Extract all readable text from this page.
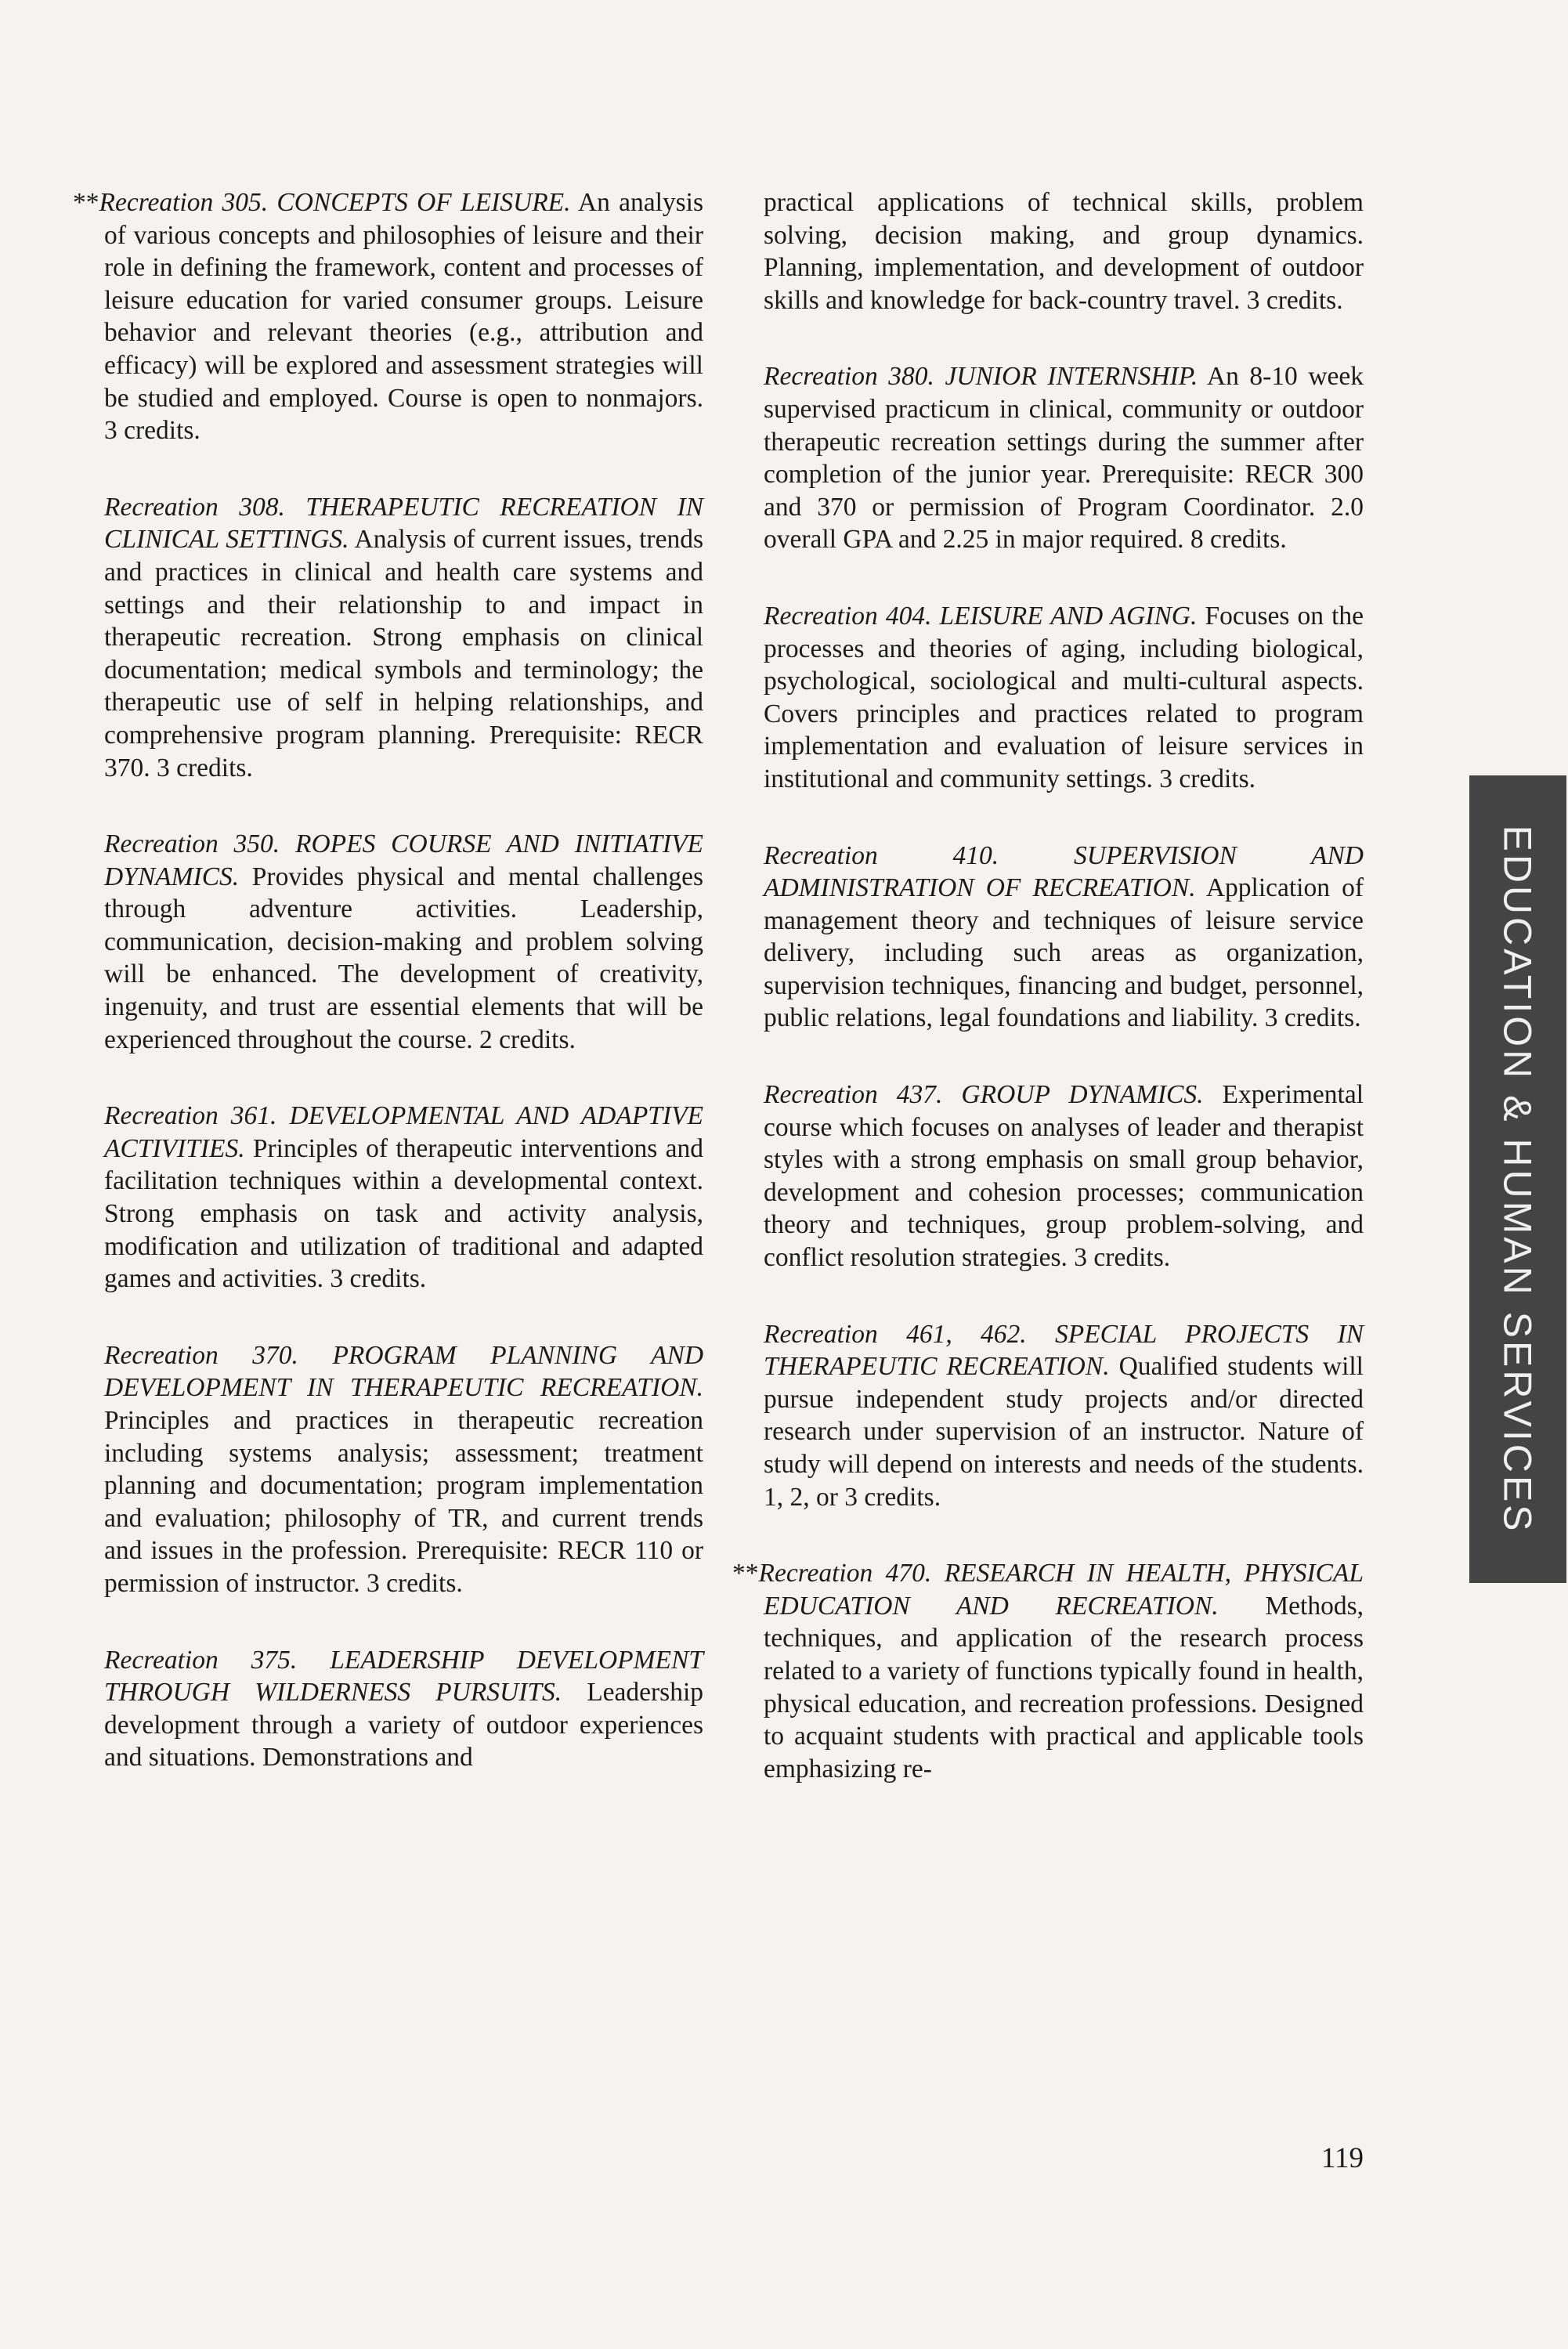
**Recreation 305. CONCEPTS OF LEISURE. An analysis of various concepts and philosophies of leisure and their role in defining the framework, content and processes of leisure education for varied consumer groups. Leisure behavior and relevant theories (e.g., attribution and efficacy) will be explored and assessment strategies will be studied and employed. Course is open to nonmajors. 3 credits.

Recreation 308. THERAPEUTIC RECREATION IN CLINICAL SETTINGS. Analysis of current issues, trends and practices in clinical and health care systems and settings and their relationship to and impact in therapeutic recreation. Strong emphasis on clinical documentation; medical symbols and terminology; the therapeutic use of self in helping relationships, and comprehensive program planning. Prerequisite: RECR 370. 3 credits.

Recreation 350. ROPES COURSE AND INITIATIVE DYNAMICS. Provides physical and mental challenges through adventure activities. Leadership, communication, decision-making and problem solving will be enhanced. The development of creativity, ingenuity, and trust are essential elements that will be experienced throughout the course. 2 credits.

Recreation 361. DEVELOPMENTAL AND ADAPTIVE ACTIVITIES. Principles of therapeutic interventions and facilitation techniques within a developmental context. Strong emphasis on task and activity analysis, modification and utilization of traditional and adapted games and activities. 3 credits.

Recreation 370. PROGRAM PLANNING AND DEVELOPMENT IN THERAPEUTIC RECREATION. Principles and practices in therapeutic recreation including systems analysis; assessment; treatment planning and documentation; program implementation and evaluation; philosophy of TR, and current trends and issues in the profession. Prerequisite: RECR 110 or permission of instructor. 3 credits.

Recreation 375. LEADERSHIP DEVELOPMENT THROUGH WILDERNESS PURSUITS. Leadership development through a variety of outdoor experiences and situations. Demonstrations and

practical applications of technical skills, problem solving, decision making, and group dynamics. Planning, implementation, and development of outdoor skills and knowledge for back-country travel. 3 credits.

Recreation 380. JUNIOR INTERNSHIP. An 8-10 week supervised practicum in clinical, community or outdoor therapeutic recreation settings during the summer after completion of the junior year. Prerequisite: RECR 300 and 370 or permission of Program Coordinator. 2.0 overall GPA and 2.25 in major required. 8 credits.

Recreation 404. LEISURE AND AGING. Focuses on the processes and theories of aging, including biological, psychological, sociological and multi-cultural aspects. Covers principles and practices related to program implementation and evaluation of leisure services in institutional and community settings. 3 credits.

Recreation 410.	SUPERVISION AND ADMINISTRATION OF RECREATION. Application of management theory and techniques of leisure service delivery, including such areas as organization, supervision techniques, financing and budget, personnel, public relations, legal foundations and liability. 3 credits.

Recreation 437. GROUP DYNAMICS. Experimental course which focuses on analyses of leader and therapist styles with a strong emphasis on small group behavior, development and cohesion processes; communication theory and techniques, group problem-solving, and conflict resolution strategies. 3 credits.

Recreation 461, 462. SPECIAL PROJECTS IN THERAPEUTIC RECREATION. Qualified students will pursue independent study projects and/or directed research under supervision of an instructor. Nature of study will depend on interests and needs of the students. 1, 2, or 3 credits.

**Recreation 470. RESEARCH IN HEALTH, PHYSICAL EDUCATION AND RECREATION. Methods, techniques, and application of the research process related to a variety of functions typically found in health, physical education, and recreation professions. Designed to acquaint students with practical and applicable tools emphasizing re-

EDUCATION & HUMAN SERVICES
119
